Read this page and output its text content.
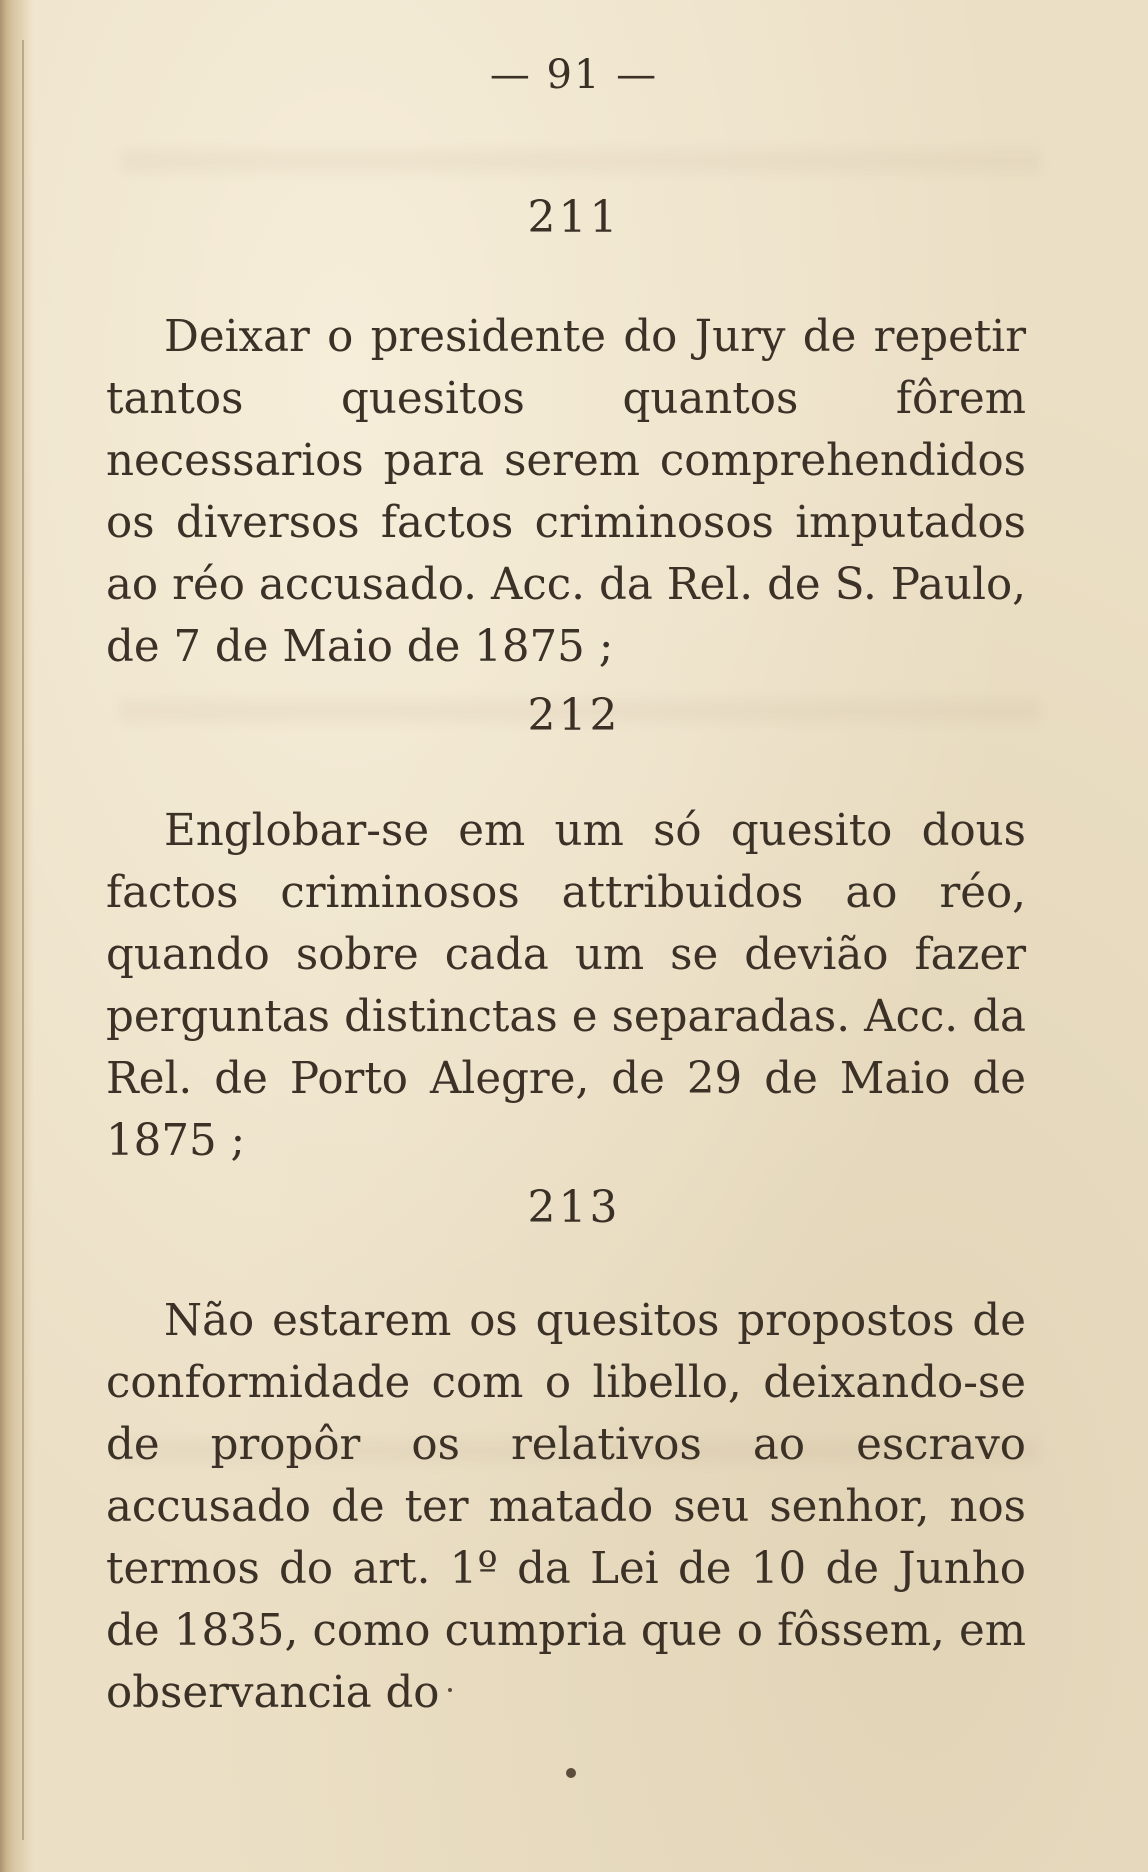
— 91 —
211

Deixar o presidente do Jury de repetir tantos quesitos quantos fôrem necessarios para serem comprehendidos os diversos factos criminosos imputados ao réo accusado. Acc. da Rel. de S. Paulo, de 7 de Maio de 1875 ;

212

Englobar-se em um só quesito dous factos criminosos attribuidos ao réo, quando sobre cada um se devião fazer perguntas distinctas e separadas. Acc. da Rel. de Porto Alegre, de 29 de Maio de 1875 ;

213

Não estarem os quesitos propostos de conformidade com o libello, deixando-se de propôr os relativos ao escravo accusado de ter matado seu senhor, nos termos do art. 1º da Lei de 10 de Junho de 1835, como cumpria que o fôssem, em observancia do
